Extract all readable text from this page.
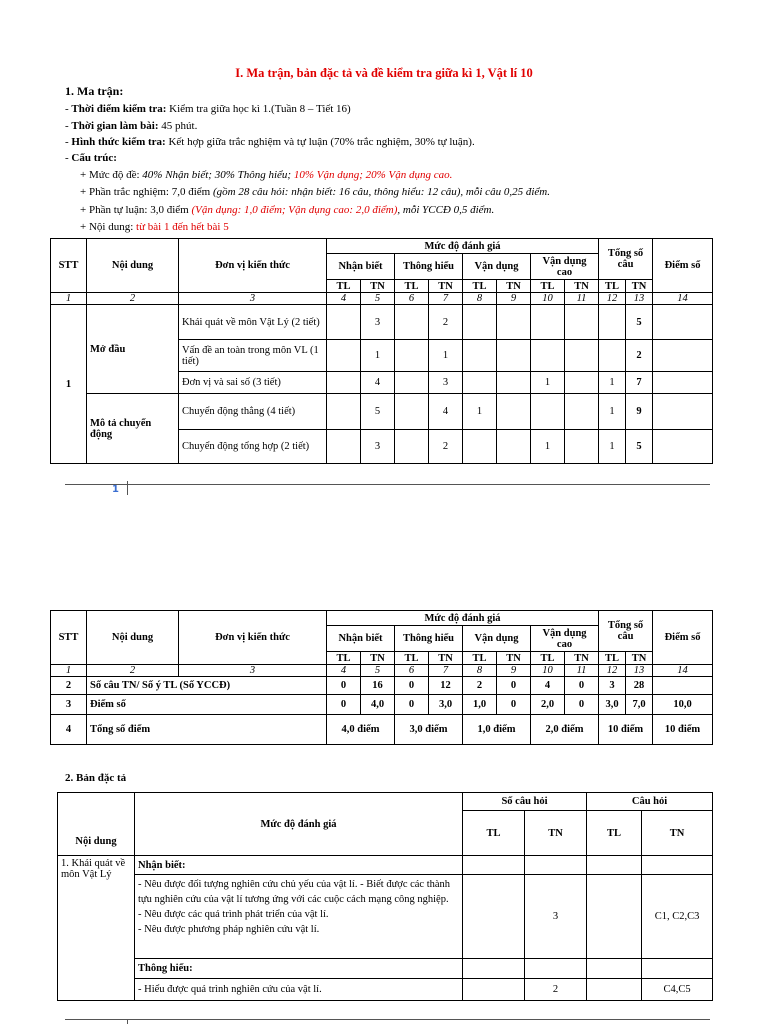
I. Ma trận, bản đặc tả và đề kiểm tra giữa kì 1, Vật lí 10
1. Ma trận:
- Thời điểm kiểm tra: Kiểm tra giữa học kì 1.(Tuần 8 – Tiết 16)
- Thời gian làm bài: 45 phút.
- Hình thức kiểm tra: Kết hợp giữa trắc nghiệm và tự luận (70% trắc nghiệm, 30% tự luận).
- Cấu trúc:
+ Mức độ đề: 40% Nhận biết; 30% Thông hiểu; 10% Vận dụng; 20% Vận dụng cao.
+ Phần trắc nghiệm: 7,0 điểm (gồm 28 câu hỏi: nhận biết: 16 câu, thông hiểu: 12 câu), mỗi câu 0,25 điểm.
+ Phần tự luận: 3,0 điểm (Vận dụng: 1,0 điểm; Vận dụng cao: 2,0 điểm), mỗi YCCĐ 0,5 điểm.
+ Nội dung: từ bài 1 đến hết bài 5
STT	Nội dung	Đơn vị kiến thức	Mức độ đánh giá								Tổng số câu		Điểm số
			Nhận biết		Thông hiểu		Vận dụng		Vận dụng cao				
			TL	TN	TL	TN	TL	TN	TL	TN	TL	TN	
1	2	3	4	5	6	7	8	9	10	11	12	13	14
1	Mở đầu	Khái quát về môn Vật Lý (2 tiết)		3		2						5	
		Vấn đề an toàn trong môn VL (1 tiết)		1		1						2	
		Đơn vị và sai số (3 tiết)		4		3			1		1	7	
	Mô tả chuyển động	Chuyển động thẳng (4 tiết)		5		4	1				1	9	
		Chuyển động tổng hợp (2 tiết)		3		2			1		1	5	
1
STT	Nội dung	Đơn vị kiến thức	Mức độ đánh giá								Tổng số câu		Điểm số
			Nhận biết		Thông hiểu		Vận dụng		Vận dụng cao				
			TL	TN	TL	TN	TL	TN	TL	TN	TL	TN	
1	2	3	4	5	6	7	8	9	10	11	12	13	14
2	Số câu TN/ Số ý TL (Số YCCĐ)		0	16	0	12	2	0	4	0	3	28	
3	Điểm số		0	4,0	0	3,0	1,0	0	2,0	0	3,0	7,0	10,0
4	Tổng số điểm		4,0 điểm		3,0 điểm		1,0 điểm		2,0 điểm		10 điểm		10 điểm
2. Bản đặc tả
Nội dung	Mức độ đánh giá	Số câu hỏi		Câu hỏi	
		TL	TN	TL	TN
1. Khái quát về môn Vật Lý	Nhận biết:				

	- Nêu được đối tượng nghiên cứu chủ yếu của vật lí. - Biết được các thành tựu nghiên cứu của vật lí tương ứng với các cuộc cách mạng công nghiệp.
- Nêu được các quá trình phát triển của vật lí.
- Nêu được phương pháp nghiên cứu vật lí.		3		C1, C2,C3
	Thông hiểu:				
	- Hiểu được quá trình nghiên cứu của vật lí.		2		C4,C5
